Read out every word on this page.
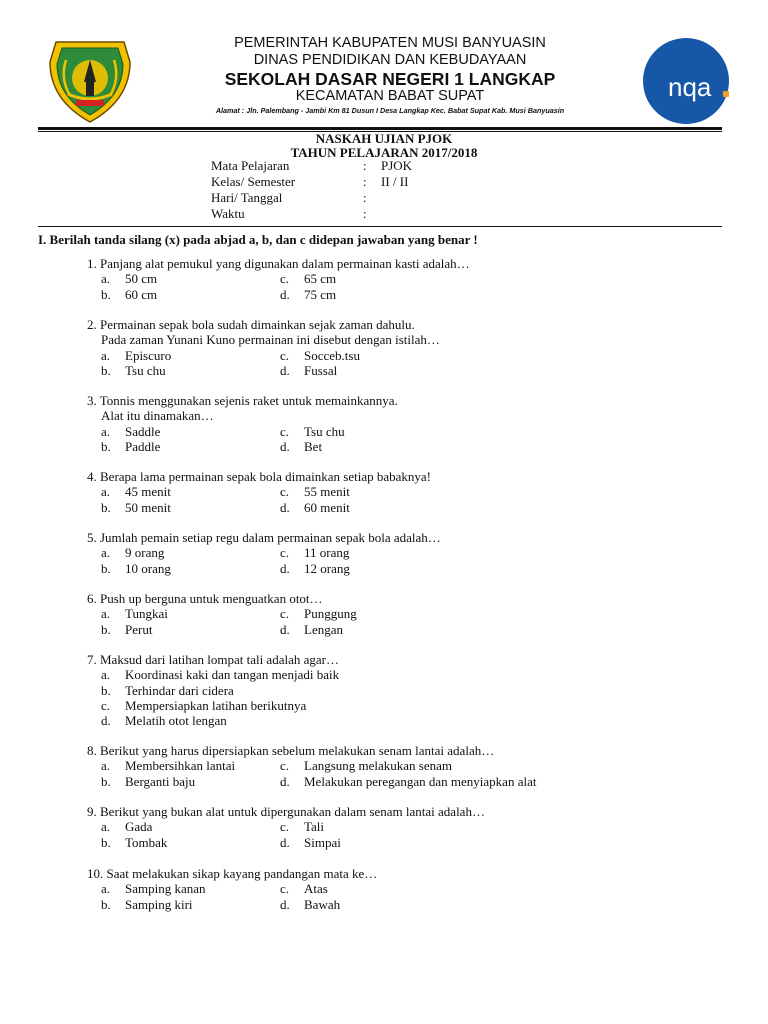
PEMERINTAH KABUPATEN MUSI BANYUASIN
DINAS PENDIDIKAN DAN KEBUDAYAAN
SEKOLAH DASAR NEGERI 1 LANGKAP
KECAMATAN BABAT SUPAT
Alamat : Jln. Palembang - Jambi Km 81 Dusun I Desa Langkap Kec. Babat Supat Kab. Musi Banyuasin
nqa
NASKAH UJIAN PJOK
TAHUN PELAJARAN 2017/2018
Mata Pelajaran	: PJOK
Kelas/ Semester	: II / II
Hari/ Tanggal	:
Waktu	:
I. Berilah tanda silang (x) pada abjad a, b, dan c didepan jawaban yang benar !
1. Panjang alat pemukul yang digunakan dalam permainan kasti adalah…
a. 50 cm	c. 65 cm
b. 60 cm	d. 75 cm
2. Permainan sepak bola sudah dimainkan sejak zaman dahulu.
Pada zaman Yunani Kuno permainan ini disebut dengan istilah…
a. Episcuro	c. Socceb.tsu
b. Tsu chu	d. Fussal
3. Tonnis menggunakan sejenis raket untuk memainkannya.
Alat itu dinamakan…
a. Saddle	c. Tsu chu
b. Paddle	d. Bet
4. Berapa lama permainan sepak bola dimainkan setiap babaknya!
a. 45 menit	c. 55 menit
b. 50 menit	d. 60 menit
5. Jumlah pemain setiap regu dalam permainan sepak bola adalah…
a. 9 orang	c. 11 orang
b. 10 orang	d. 12 orang
6. Push up berguna untuk menguatkan otot…
a. Tungkai	c. Punggung
b. Perut	d. Lengan
7. Maksud dari latihan lompat tali adalah agar…
a. Koordinasi kaki dan tangan menjadi baik
b. Terhindar dari cidera
c. Mempersiapkan latihan berikutnya
d. Melatih otot lengan
8. Berikut yang harus dipersiapkan sebelum melakukan senam lantai adalah…
a. Membersihkan lantai	c. Langsung melakukan senam
b. Berganti baju	d. Melakukan peregangan dan menyiapkan alat
9. Berikut yang bukan alat untuk dipergunakan dalam senam lantai adalah…
a. Gada	c. Tali
b. Tombak	d. Simpai
10. Saat melakukan sikap kayang pandangan mata ke…
a. Samping kanan	c. Atas
b. Samping kiri	d. Bawah
